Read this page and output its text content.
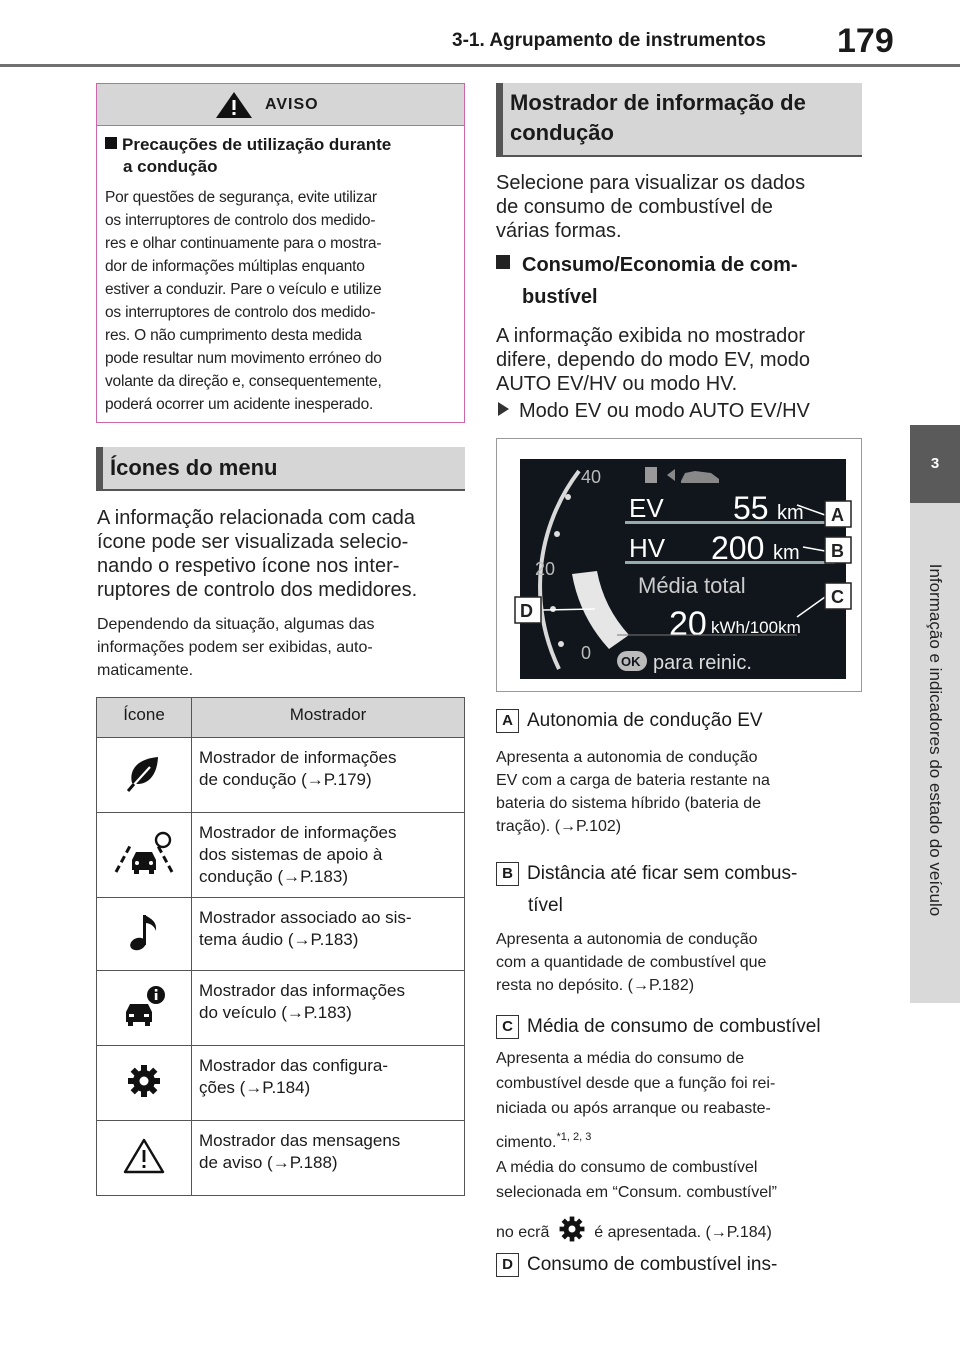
3-1. Agrupamento de instrumentos 179
3
Informação e indicadores do estado do veículo
AVISO
Precauções de utilização durante
a condução
Por questões de segurança, evite utilizar
os interruptores de controlo dos medido-
res e olhar continuamente para o mostra-
dor de informações múltiplas enquanto
estiver a conduzir. Pare o veículo e utilize
os interruptores de controlo dos medido-
res. O não cumprimento desta medida
pode resultar num movimento erróneo do
volante da direção e, consequentemente,
poderá ocorrer um acidente inesperado.
Ícones do menu
A informação relacionada com cada
ícone pode ser visualizada selecio-
nando o respetivo ícone nos inter-
ruptores de controlo dos medidores.
Dependendo da situação, algumas das
informações podem ser exibidas, auto-
maticamente.
Ícone	Mostrador

Mostrador de informações
de condução (→P.179)

Mostrador de informações
dos sistemas de apoio à
condução (→P.183)

Mostrador associado ao sis-
tema áudio (→P.183)

Mostrador das informações
do veículo (→P.183)

Mostrador das configura-
ções (→P.184)

Mostrador das mensagens
de aviso (→P.188)
Mostrador de informação de
condução
Selecione para visualizar os dados
de consumo de combustível de
várias formas.
Consumo/Economia de com-
bustível
A informação exibida no mostrador
difere, dependo do modo EV, modo
AUTO EV/HV ou modo HV.
Modo EV ou modo AUTO EV/HV
40
20
0
EV 55 km
HV 200 km
Média total
20 kWh/100km
OK para reinic.
A
B
C
D
A Autonomia de condução EV
Apresenta a autonomia de condução
EV com a carga de bateria restante na
bateria do sistema híbrido (bateria de
tração). (→P.102)
B Distância até ficar sem combus-
tível
Apresenta a autonomia de condução
com a quantidade de combustível que
resta no depósito. (→P.182)
C Média de consumo de combustível
Apresenta a média do consumo de
combustível desde que a função foi rei-
niciada ou após arranque ou reabaste-
cimento.$^{*1, 2, 3}$
A média do consumo de combustível
selecionada em “Consum. combustível”
no ecrã	é apresentada. (→P.184)
D Consumo de combustível ins-
